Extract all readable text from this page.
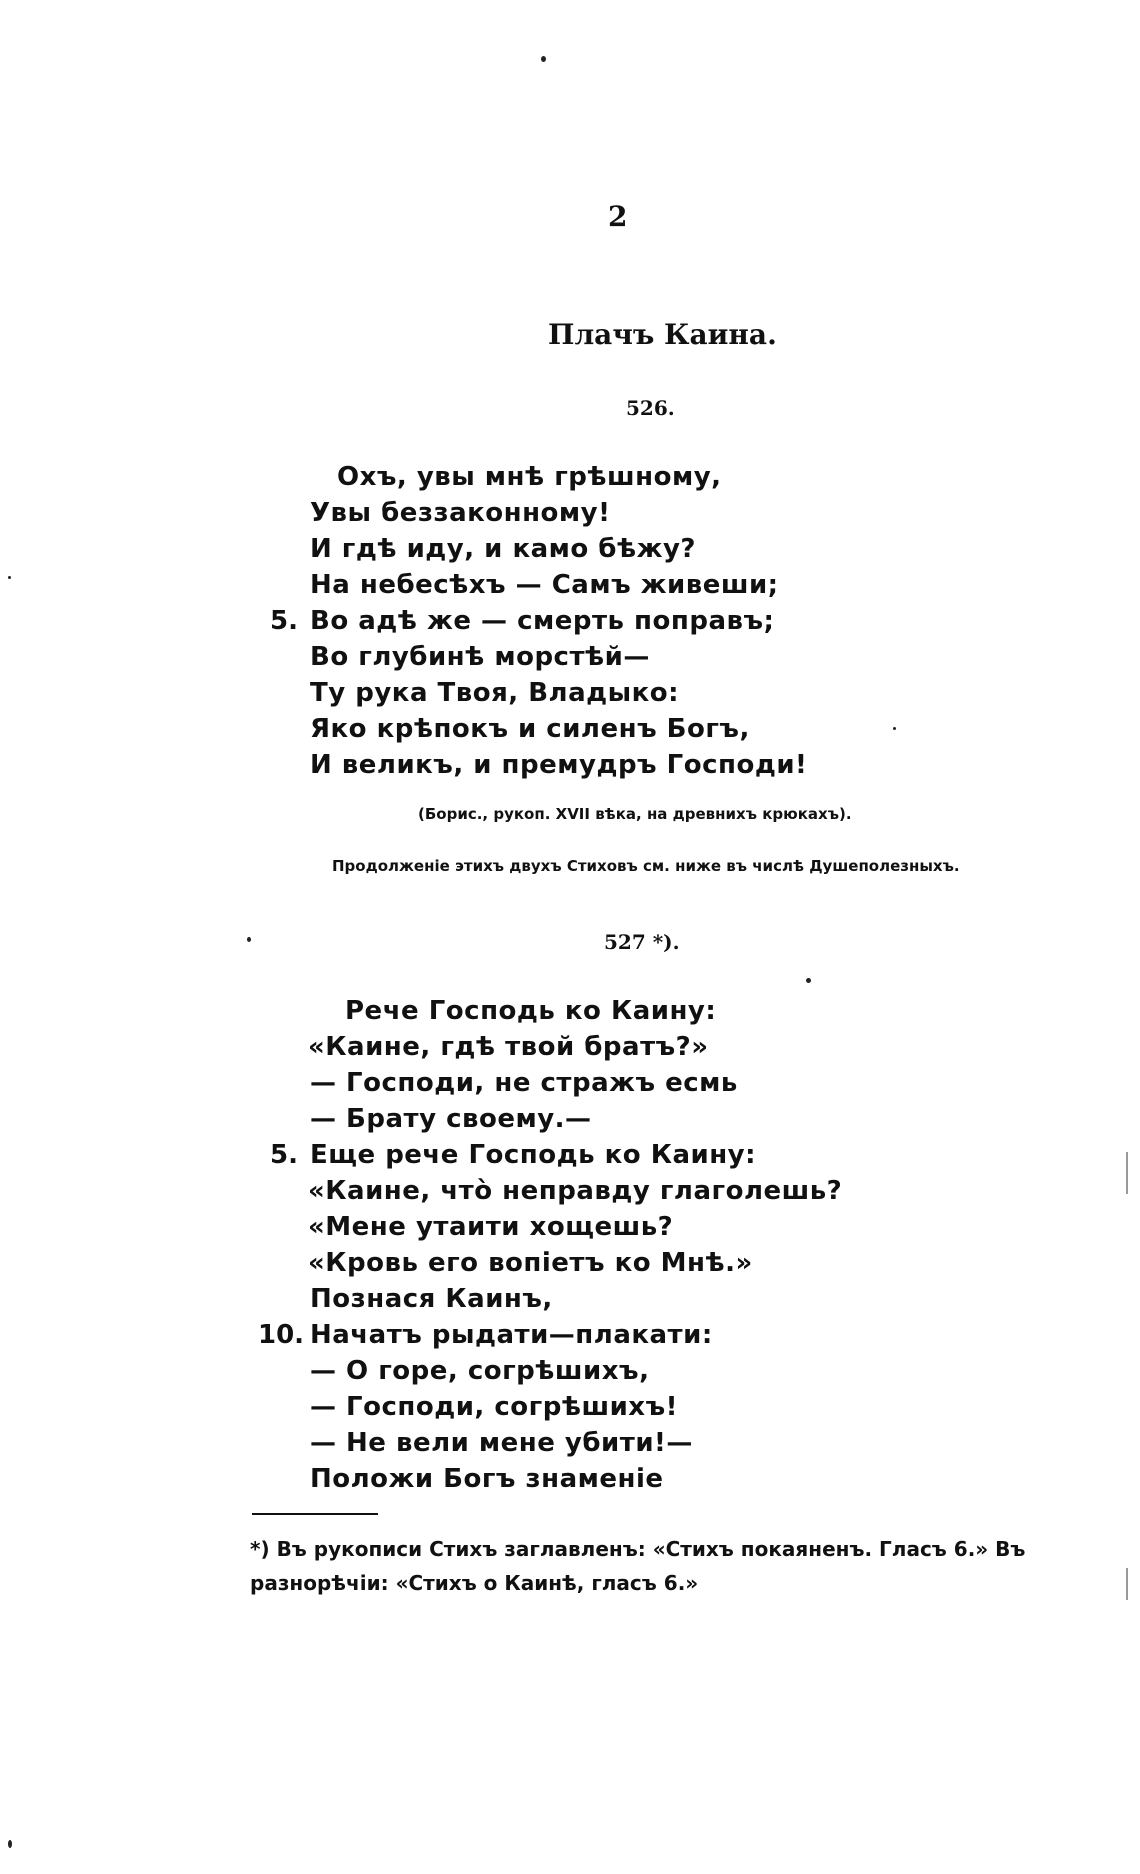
2
Плачъ Каина.
526.
Охъ, увы мнѣ грѣшному,
Увы беззаконному!
И гдѣ иду, и камо бѣжу?
На небесѣхъ — Самъ живеши;
5. Во адѣ же — смерть поправъ;
Во глубинѣ морстѣй—
Ту рука Твоя, Владыко:
Яко крѣпокъ и силенъ Богъ,
И великъ, и премудръ Господи!
(Борис., рукоп. XVII вѣка, на древнихъ крюкахъ).
Продолженіе этихъ двухъ Стиховъ см. ниже въ числѣ Душеполезныхъ.
527 *).
Рече Господь ко Каину:
«Каине, гдѣ твой братъ?»
— Господи, не стражъ есмь
— Брату своему.—
5. Еще рече Господь ко Каину:
«Каине, что̀ неправду глаголешь?
«Мене утаити хощешь?
«Кровь его вопіетъ ко Мнѣ.»
Познася Каинъ,
10. Начатъ рыдати—плакати:
— О горе, согрѣшихъ,
— Господи, согрѣшихъ!
— Не вели мене убити!—
Положи Богъ знаменіе
*) Въ рукописи Стихъ заглавленъ: «Стихъ покаяненъ. Гласъ 6.» Въ разнорѣчіи: «Стихъ о Каинѣ, гласъ 6.»
